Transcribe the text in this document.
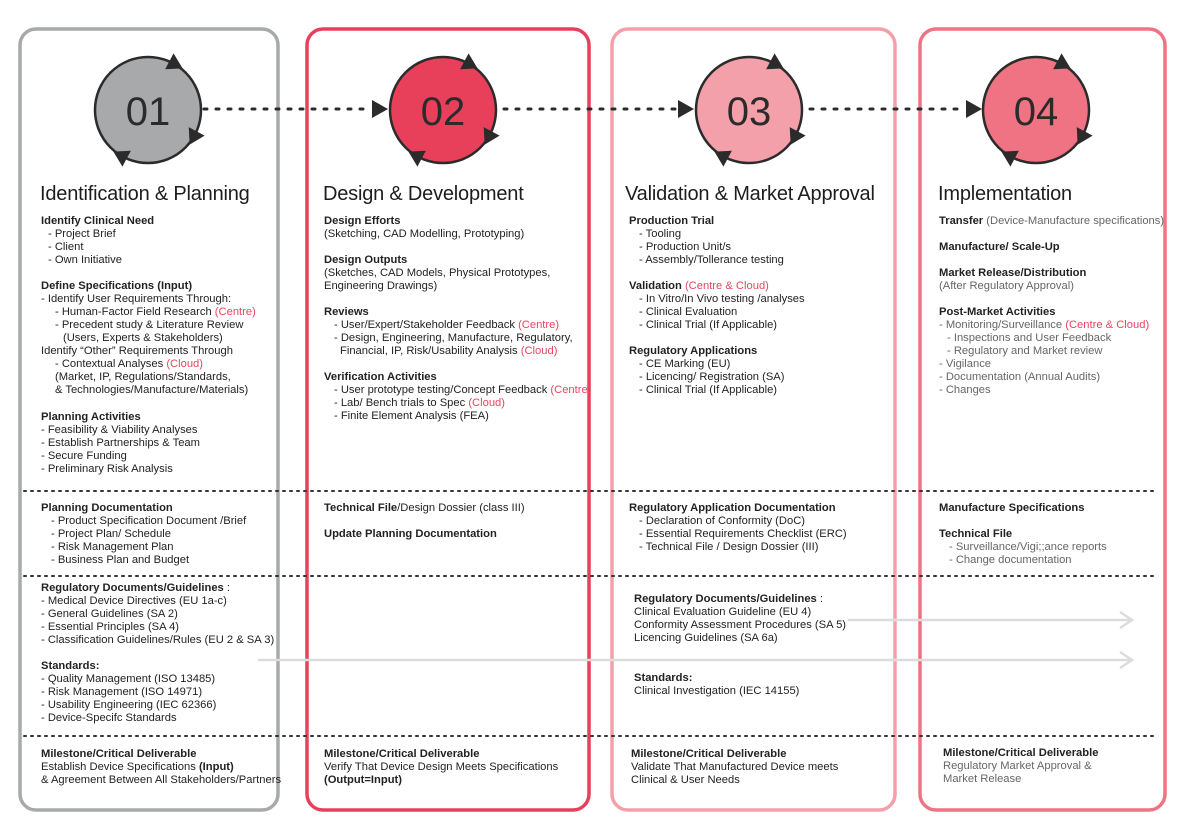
01	02	03	04
Identification & Planning	Design & Development	Validation & Market Approval	Implementation
Identify Clinical Need
- Project Brief
- Client
- Own Initiative
Define Specifications (Input)
- Identify User Requirements Through:
- Human-Factor Field Research (Centre)
- Precedent study & Literature Review
(Users, Experts & Stakeholders)
Identify “Other” Requirements Through
- Contextual Analyses (Cloud)
(Market, IP, Regulations/Standards,
& Technologies/Manufacture/Materials)
Planning Activities
- Feasibility & Viability Analyses
- Establish Partnerships & Team
- Secure Funding
- Preliminary Risk Analysis
Planning Documentation
- Product Specification Document /Brief
- Project Plan/ Schedule
- Risk Management Plan
- Business Plan and Budget
Regulatory Documents/Guidelines :
- Medical Device Directives (EU 1a-c)
- General Guidelines (SA 2)
- Essential Principles (SA 4)
- Classification Guidelines/Rules (EU 2 & SA 3)
Standards:
- Quality Management (ISO 13485)
- Risk Management (ISO 14971)
- Usability Engineering (IEC 62366)
- Device-Specifc Standards
Design Efforts
(Sketching, CAD Modelling, Prototyping)
Design Outputs
(Sketches, CAD Models, Physical Prototypes,
Engineering Drawings)
Reviews
- User/Expert/Stakeholder Feedback (Centre)
- Design, Engineering, Manufacture, Regulatory,
Financial, IP, Risk/Usability Analysis (Cloud)
Verification Activities
- User prototype testing/Concept Feedback (Centre)
- Lab/ Bench trials to Spec (Cloud)
- Finite Element Analysis (FEA)
Technical File/Design Dossier (class III)

Update Planning Documentation
Production Trial
- Tooling
- Production Unit/s
- Assembly/Tollerance testing
Validation (Centre & Cloud)
- In Vitro/In Vivo testing /analyses
- Clinical Evaluation
- Clinical Trial (If Applicable)
Regulatory Applications
- CE Marking (EU)
- Licencing/ Registration (SA)
- Clinical Trial (If Applicable)
Regulatory Application Documentation
- Declaration of Conformity (DoC)
- Essential Requirements Checklist (ERC)
- Technical File / Design Dossier (III)
Regulatory Documents/Guidelines :
Clinical Evaluation Guideline (EU 4)
Conformity Assessment Procedures (SA 5)
Licencing Guidelines (SA 6a)
Standards:
Clinical Investigation (IEC 14155)
Transfer (Device-Manufacture specifications)
Manufacture/ Scale-Up
Market Release/Distribution
(After Regulatory Approval)
Post-Market Activities
- Monitoring/Surveillance (Centre & Cloud)
- Inspections and User Feedback
- Regulatory and Market review
- Vigilance
- Documentation (Annual Audits)
- Changes
Manufacture Specifications

Technical File
- Surveillance/Vigi;;ance reports
- Change documentation
Milestone/Critical Deliverable
Establish Device Specifications (Input)
& Agreement Between All Stakeholders/Partners
Milestone/Critical Deliverable
Verify That Device Design Meets Specifications
(Output=Input)
Milestone/Critical Deliverable
Validate That Manufactured Device meets
Clinical & User Needs
Milestone/Critical Deliverable
Regulatory Market Approval &
Market Release
